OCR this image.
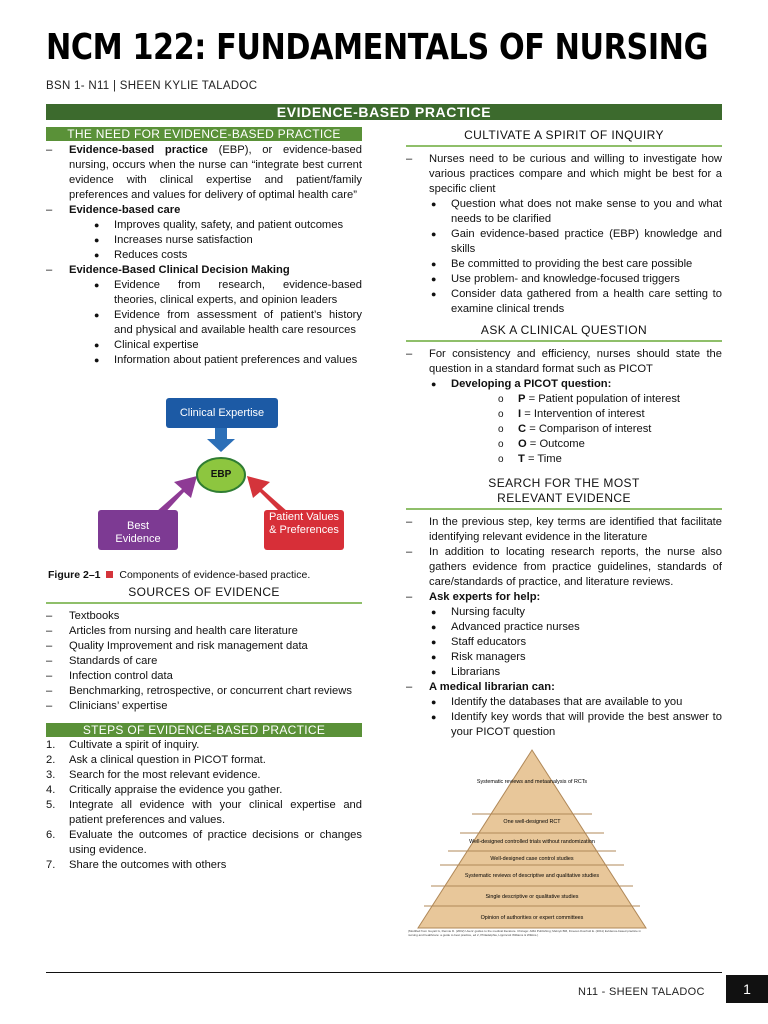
NCM 122: FUNDAMENTALS OF NURSING
BSN 1- N11 | SHEEN KYLIE TALADOC
EVIDENCE-BASED PRACTICE
THE NEED FOR EVIDENCE-BASED PRACTICE
– Evidence-based practice (EBP), or evidence-based nursing, occurs when the nurse can “integrate best current evidence with clinical expertise and patient/family preferences and values for delivery of optimal health care”
– Evidence-based care
● Improves quality, safety, and patient outcomes
● Increases nurse satisfaction
● Reduces costs
– Evidence-Based Clinical Decision Making
● Evidence from research, evidence-based theories, clinical experts, and opinion leaders
● Evidence from assessment of patient’s history and physical and available health care resources
● Clinical expertise
● Information about patient preferences and values
Clinical Expertise
EBP
Best Evidence
Patient Values & Preferences
Figure 2–1 Components of evidence-based practice.
SOURCES OF EVIDENCE
– Textbooks
– Articles from nursing and health care literature
– Quality Improvement and risk management data
– Standards of care
– Infection control data
– Benchmarking, retrospective, or concurrent chart reviews
– Clinicians’ expertise
STEPS OF EVIDENCE-BASED PRACTICE
1. Cultivate a spirit of inquiry.
2. Ask a clinical question in PICOT format.
3. Search for the most relevant evidence.
4. Critically appraise the evidence you gather.
5. Integrate all evidence with your clinical expertise and patient preferences and values.
6. Evaluate the outcomes of practice decisions or changes using evidence.
7. Share the outcomes with others
CULTIVATE A SPIRIT OF INQUIRY
– Nurses need to be curious and willing to investigate how various practices compare and which might be best for a specific client
● Question what does not make sense to you and what needs to be clarified
● Gain evidence-based practice (EBP) knowledge and skills
● Be committed to providing the best care possible
● Use problem- and knowledge-focused triggers
● Consider data gathered from a health care setting to examine clinical trends
ASK A CLINICAL QUESTION
– For consistency and efficiency, nurses should state the question in a standard format such as PICOT
● Developing a PICOT question:
o P = Patient population of interest
o I = Intervention of interest
o C = Comparison of interest
o O = Outcome
o T = Time
SEARCH FOR THE MOST
RELEVANT EVIDENCE
– In the previous step, key terms are identified that facilitate identifying relevant evidence in the literature
– In addition to locating research reports, the nurse also gathers evidence from practice guidelines, standards of care/standards of practice, and literature reviews.
– Ask experts for help:
● Nursing faculty
● Advanced practice nurses
● Staff educators
● Risk managers
● Librarians
– A medical librarian can:
● Identify the databases that are available to you
● Identify key words that will provide the best answer to your PICOT question
Systematic reviews and metaanalysis of RCTs
One well-designed RCT
Well-designed controlled trials without randomization
Well-designed case control studies
Systematic reviews of descriptive and qualitative studies
Single descriptive or qualitative studies
Opinion of authorities or expert committees
(Modified from Guyatt G, Rennie D. (2002) Users’ guides to the medical literature. Chicago: AMA Publishing; Melnyk BM, Fineout-Overholt E. (2011) Evidence-based practice in nursing and healthcare: a guide to best practice, ed 2, Philadelphia, Lippincott Williams & Wilkins.)
N11 - SHEEN TALADOC	1
